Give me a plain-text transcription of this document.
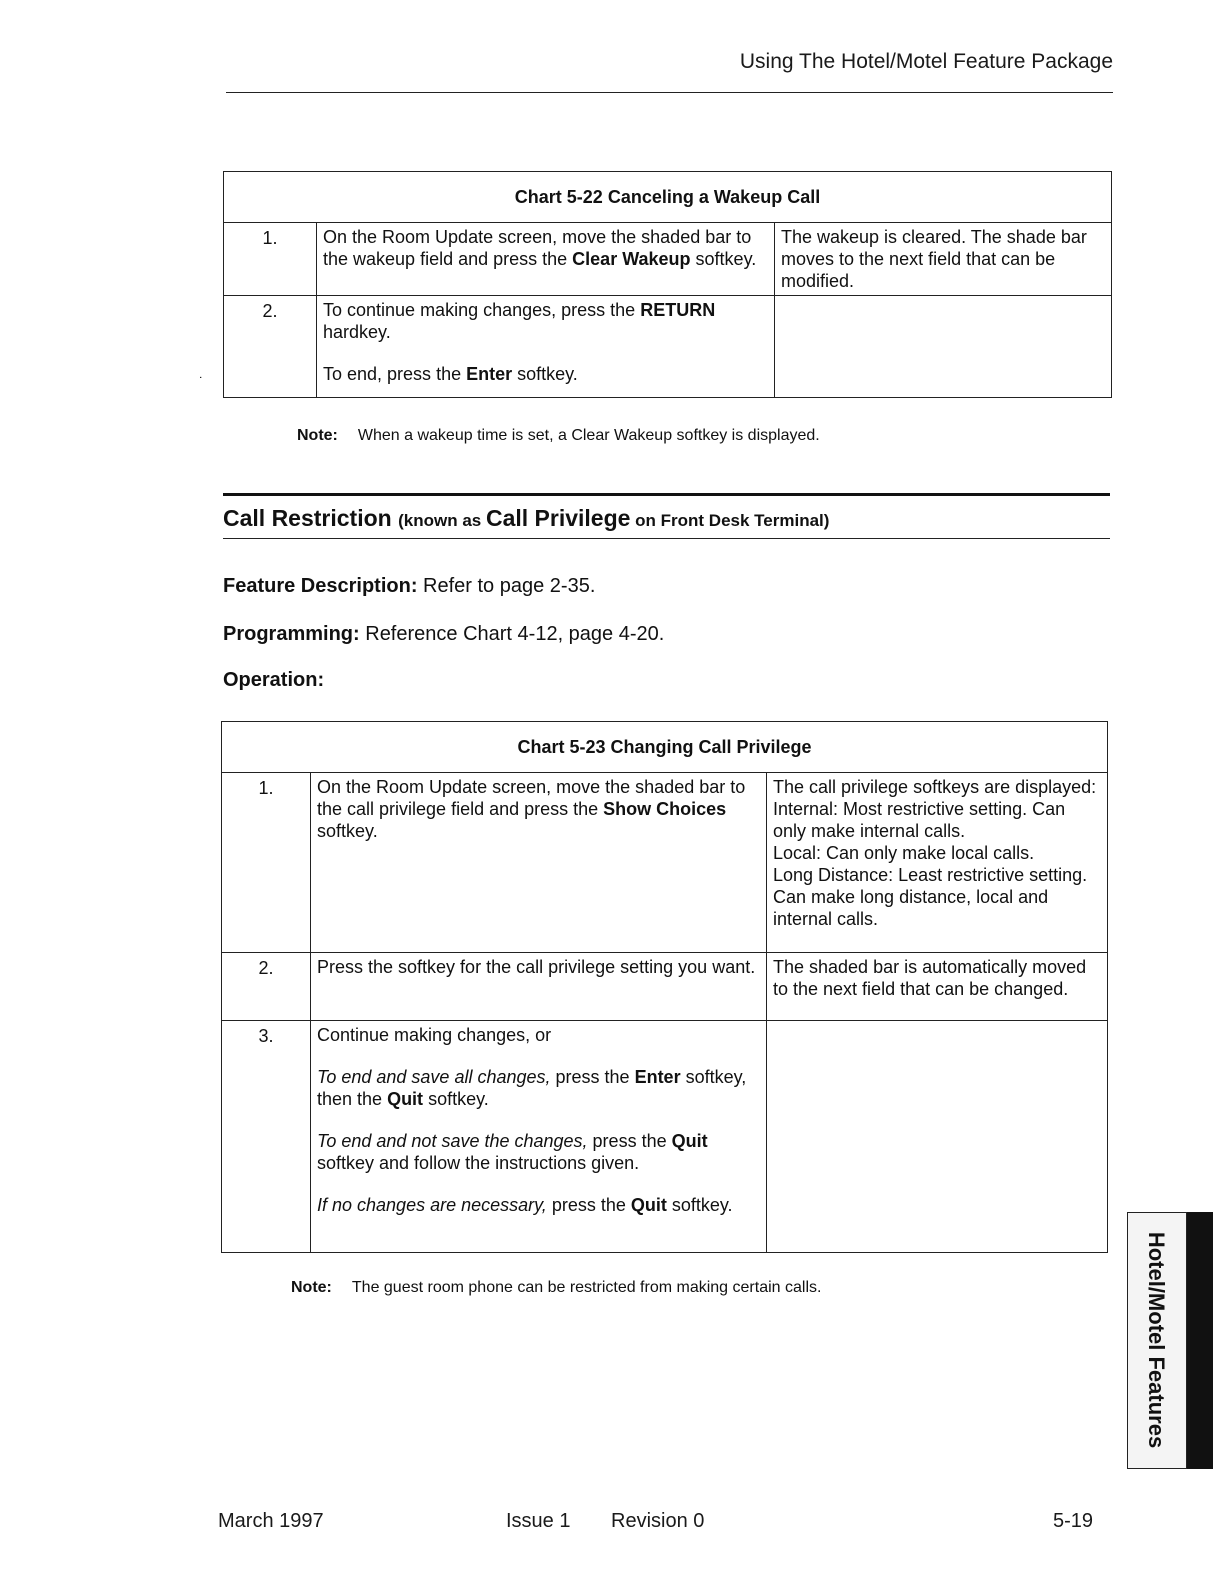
Using The Hotel/Motel Feature Package
Chart 5-22 Canceling a Wakeup Call		
1.	On the Room Update screen, move the shaded bar to the wakeup field and press the Clear Wakeup softkey.	The wakeup is cleared. The shade bar moves to the next field that can be modified.
2.	To continue making changes, press the RETURN hardkey.

To end, press the Enter softkey.	

˙
Note: When a wakeup time is set, a Clear Wakeup softkey is displayed.
Call Restriction (known as Call Privilege on Front Desk Terminal)
Feature Description: Refer to page 2-35.
Programming: Reference Chart 4-12, page 4-20.
Operation:
Chart 5-23 Changing Call Privilege		
1.	On the Room Update screen, move the shaded bar to the call privilege field and press the Show Choices softkey.	The call privilege softkeys are displayed:

Internal: Most restrictive setting. Can only make internal calls.

Local: Can only make local calls.

Long Distance: Least restrictive setting. Can make long distance, local and internal calls.

2.	Press the softkey for the call privilege setting you want.	The shaded bar is automatically moved to the next field that can be changed.
3.	Continue making changes, or

To end and save all changes, press the Enter softkey, then the Quit softkey.

To end and not save the changes, press the Quit softkey and follow the instructions given.

If no changes are necessary, press the Quit softkey.	

Note: The guest room phone can be restricted from making certain calls.	Hotel/Motel Features
March 1997	Issue 1 Revision 0	5-19
